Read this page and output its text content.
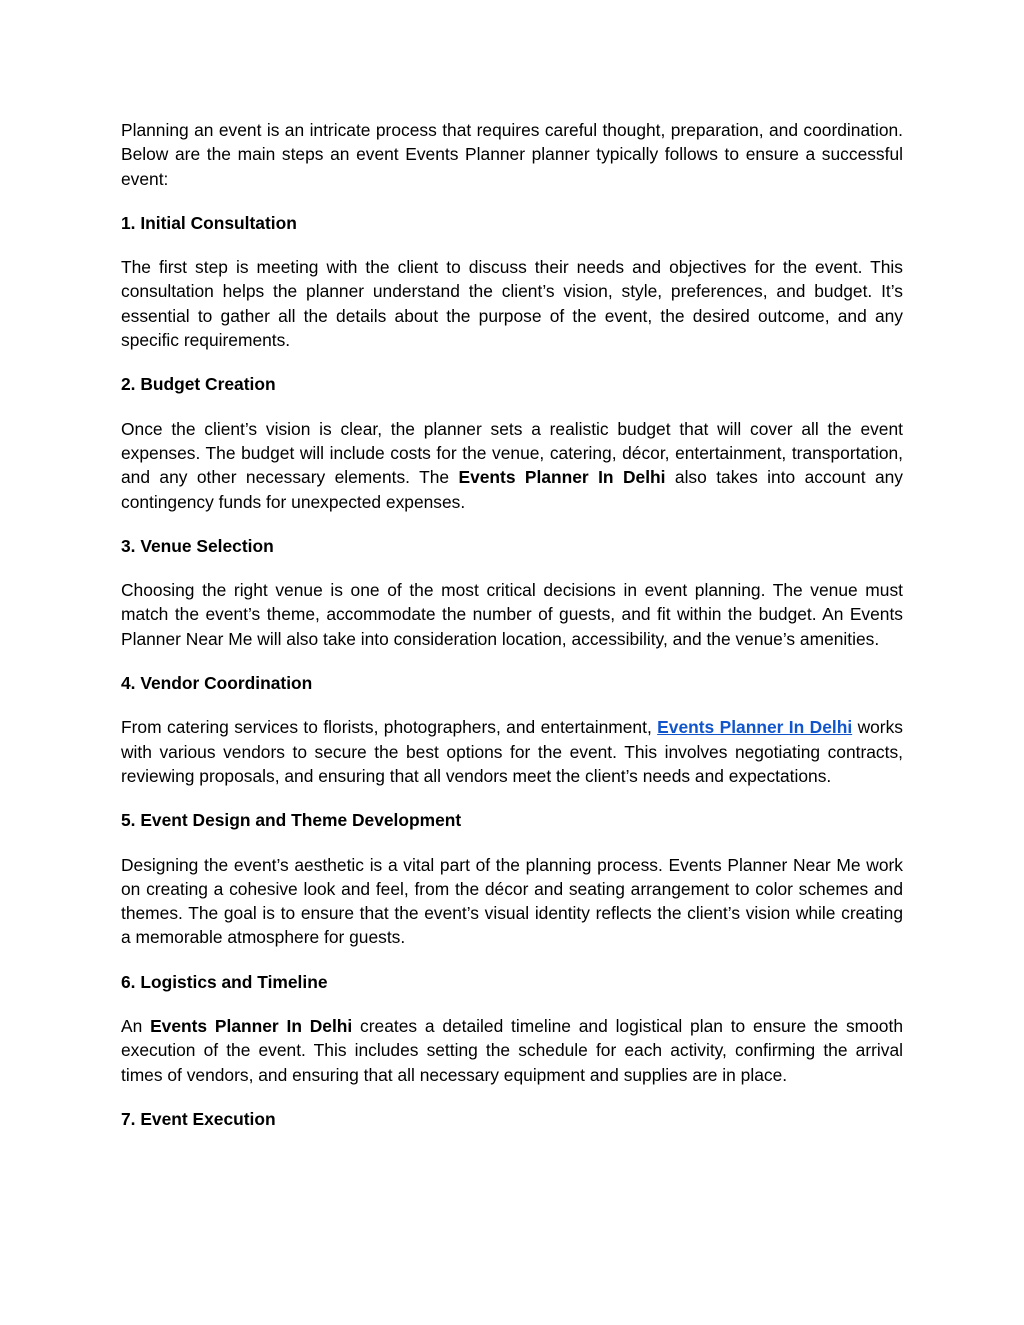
Planning an event is an intricate process that requires careful thought, preparation, and coordination. Below are the main steps an event Events Planner planner typically follows to ensure a successful event:

1. Initial Consultation

The first step is meeting with the client to discuss their needs and objectives for the event. This consultation helps the planner understand the client’s vision, style, preferences, and budget. It’s essential to gather all the details about the purpose of the event, the desired outcome, and any specific requirements.

2. Budget Creation

Once the client’s vision is clear, the planner sets a realistic budget that will cover all the event expenses. The budget will include costs for the venue, catering, décor, entertainment, transportation, and any other necessary elements. The Events Planner In Delhi also takes into account any contingency funds for unexpected expenses.

3. Venue Selection

Choosing the right venue is one of the most critical decisions in event planning. The venue must match the event’s theme, accommodate the number of guests, and fit within the budget. An Events Planner Near Me will also take into consideration location, accessibility, and the venue’s amenities.

4. Vendor Coordination

From catering services to florists, photographers, and entertainment, Events Planner In Delhi works with various vendors to secure the best options for the event. This involves negotiating contracts, reviewing proposals, and ensuring that all vendors meet the client’s needs and expectations.

5. Event Design and Theme Development

Designing the event’s aesthetic is a vital part of the planning process. Events Planner Near Me work on creating a cohesive look and feel, from the décor and seating arrangement to color schemes and themes. The goal is to ensure that the event’s visual identity reflects the client’s vision while creating a memorable atmosphere for guests.

6. Logistics and Timeline

An Events Planner In Delhi creates a detailed timeline and logistical plan to ensure the smooth execution of the event. This includes setting the schedule for each activity, confirming the arrival times of vendors, and ensuring that all necessary equipment and supplies are in place.

7. Event Execution
